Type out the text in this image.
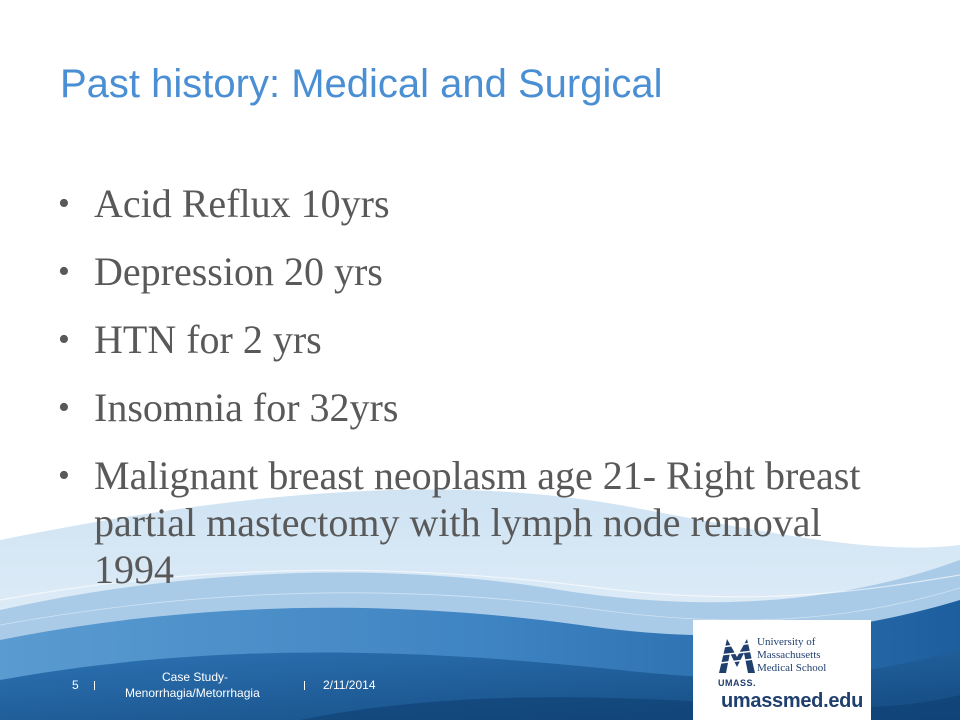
Past history: Medical and Surgical
• Acid Reflux 10yrs
• Depression 20 yrs
• HTN for 2 yrs
• Insomnia for 32yrs
• Malignant breast neoplasm age 21- Right breast partial mastectomy with lymph node removal 1994
5
Case Study-
Menorrhagia/Metorrhagia
2/11/2014	UMASS.
University of
Massachusetts
Medical School
umassmed.edu
